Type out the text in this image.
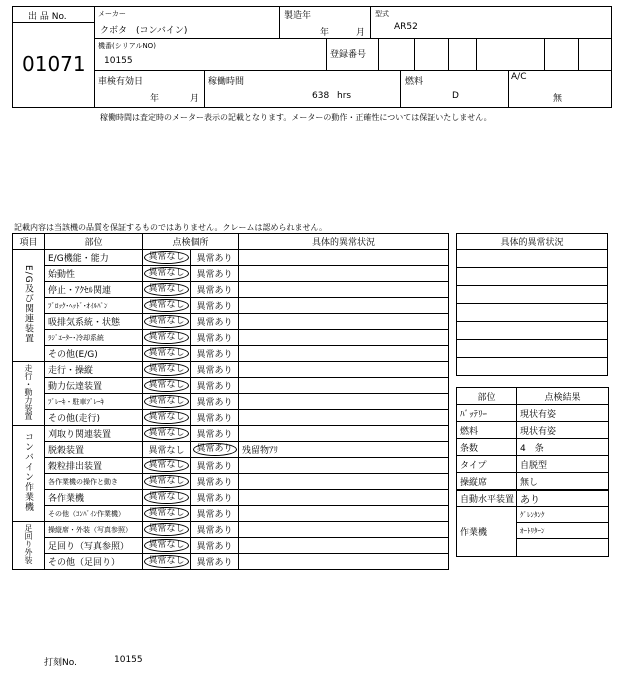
出 品 No.
01071
メーカー
クボタ　(コンバイン)
製造年
年	月
型式
AR52
機番(シリアルNO)
10155
登録番号
車検有効日
年	月
稼働時間
638 hrs
燃料
D
A/C
無
稼働時間は査定時のメーター表示の記載となります。メーターの動作・正確性については保証いたしません。
記載内容は当該機の品質を保証するものではありません。クレームは認められません。
項目	部位	点検個所		具体的異常状況
E/G及び関連装置	E/G機能・能力	異常なし	異常あり	
	始動性	異常なし	異常あり	
	停止・ｱｸｾﾙ関連	異常なし	異常あり	
	ﾌﾞﾛｯｸ･ﾍｯﾄﾞ･ｵｲﾙﾊﾟﾝ	異常なし	異常あり	
	吸排気系統・状態	異常なし	異常あり	
	ﾗｼﾞｴｰﾀｰ･冷却系統	異常なし	異常あり	
	その他(E/G)	異常なし	異常あり	
走行・動力装置	走行・操縦	異常なし	異常あり	
	動力伝達装置	異常なし	異常あり	
	ﾌﾞﾚｰｷ・駐車ﾌﾞﾚｰｷ	異常なし	異常あり	
	その他(走行)	異常なし	異常あり	
コンバイン作業機	刈取り関連装置	異常なし	異常あり	
	脱穀装置	異常なし	異常あり	残留物ｱﾘ
	穀粒排出装置	異常なし	異常あり	
	各作業機の操作と動き	異常なし	異常あり	
	各作業機	異常なし	異常あり	
	その他（ｺﾝﾊﾞｲﾝ作業機）	異常なし	異常あり	
足回り外装	操縦席・外装（写真参照）	異常なし	異常あり	
	足回り（写真参照）	異常なし	異常あり	
	その他（足回り）	異常なし	異常あり	
具体的異常状況

部位	点検結果
ﾊﾞｯﾃﾘｰ	現状有姿
燃料	現状有姿
条数	4　条
タイプ	自脱型
操縦席	無し
自動水平装置	あり
作業機	ｸﾞﾚﾝﾀﾝｸ
	ｵｰﾄﾘﾀｰﾝ

打刻No.	10155
